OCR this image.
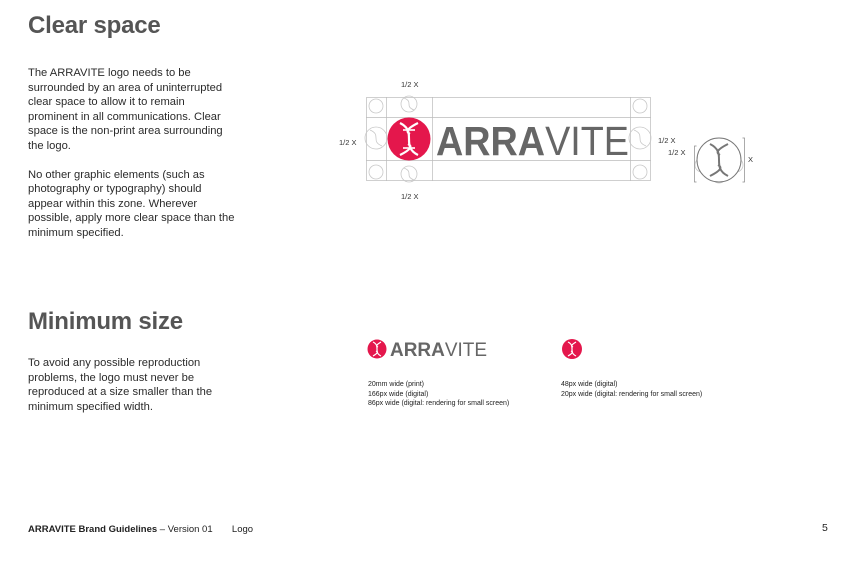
Clear space

The ARRAVITE logo needs to be surrounded by an area of uninterrupted clear space to allow it to remain prominent in all communications. Clear space is the non-print area surrounding the logo.

No other graphic elements (such as photography or typography) should appear within this zone. Wherever possible, apply more clear space than the minimum specified.

ARRAVITE
1/2 X
1/2 X
1/2 X	1/2 X
1/2 X
X
Minimum size

To avoid any possible reproduction problems, the logo must never be reproduced at a size smaller than the minimum specified width.

ARRAVITE
20mm wide (print)
166px wide (digital)
86px wide (digital: rendering for small screen)
48px wide (digital)
20px wide (digital: rendering for small screen)
ARRAVITE Brand Guidelines – Version 01 Logo	5
